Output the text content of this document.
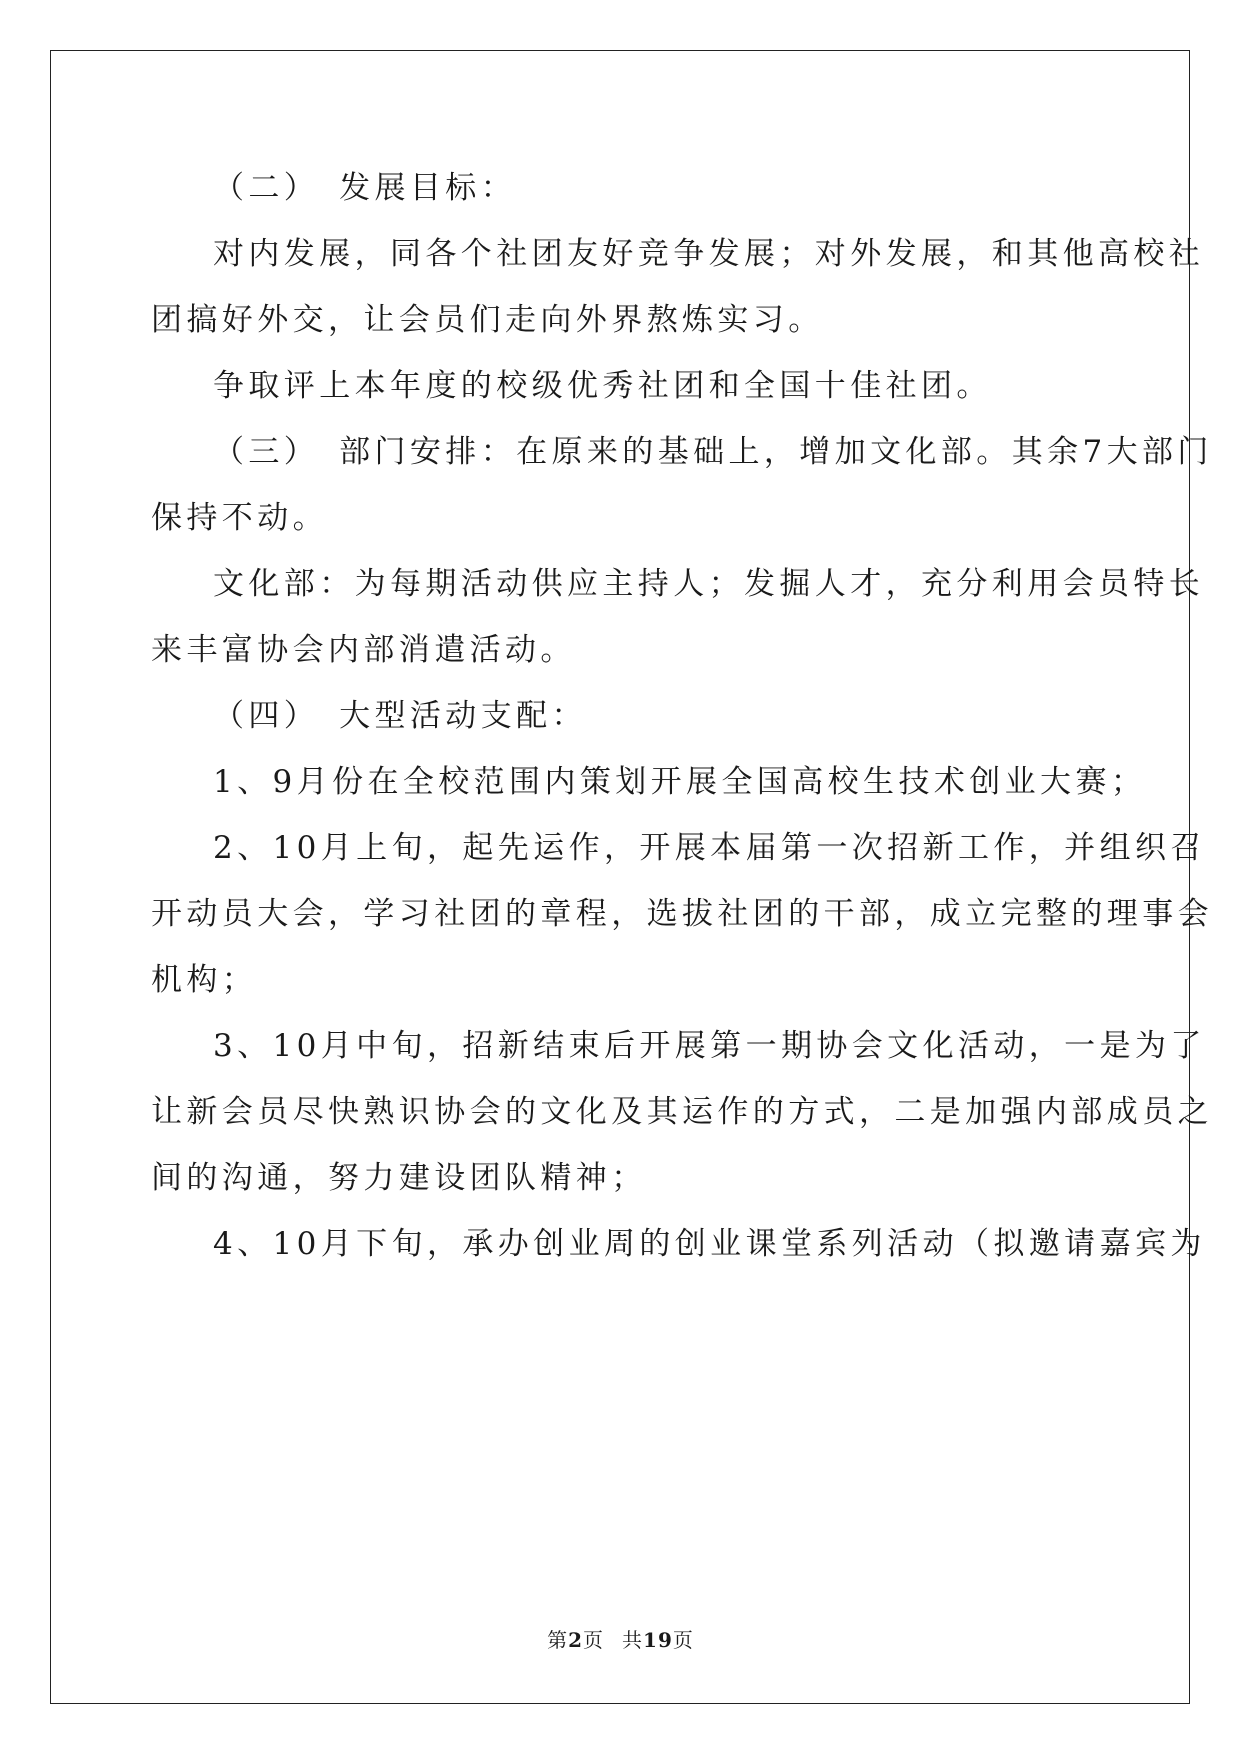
（二）　发展目标：
对内发展，同各个社团友好竞争发展；对外发展，和其他高校社
团搞好外交，让会员们走向外界熬炼实习。
争取评上本年度的校级优秀社团和全国十佳社团。
（三）　部门安排：在原来的基础上，增加文化部。其余7大部门
保持不动。
文化部：为每期活动供应主持人；发掘人才，充分利用会员特长
来丰富协会内部消遣活动。
（四）　大型活动支配：
1、9月份在全校范围内策划开展全国高校生技术创业大赛；
2、10月上旬，起先运作，开展本届第一次招新工作，并组织召
开动员大会，学习社团的章程，选拔社团的干部，成立完整的理事会
机构；
3、10月中旬，招新结束后开展第一期协会文化活动，一是为了
让新会员尽快熟识协会的文化及其运作的方式，二是加强内部成员之
间的沟通，努力建设团队精神；
4、10月下旬，承办创业周的创业课堂系列活动（拟邀请嘉宾为
第2页 共19页
